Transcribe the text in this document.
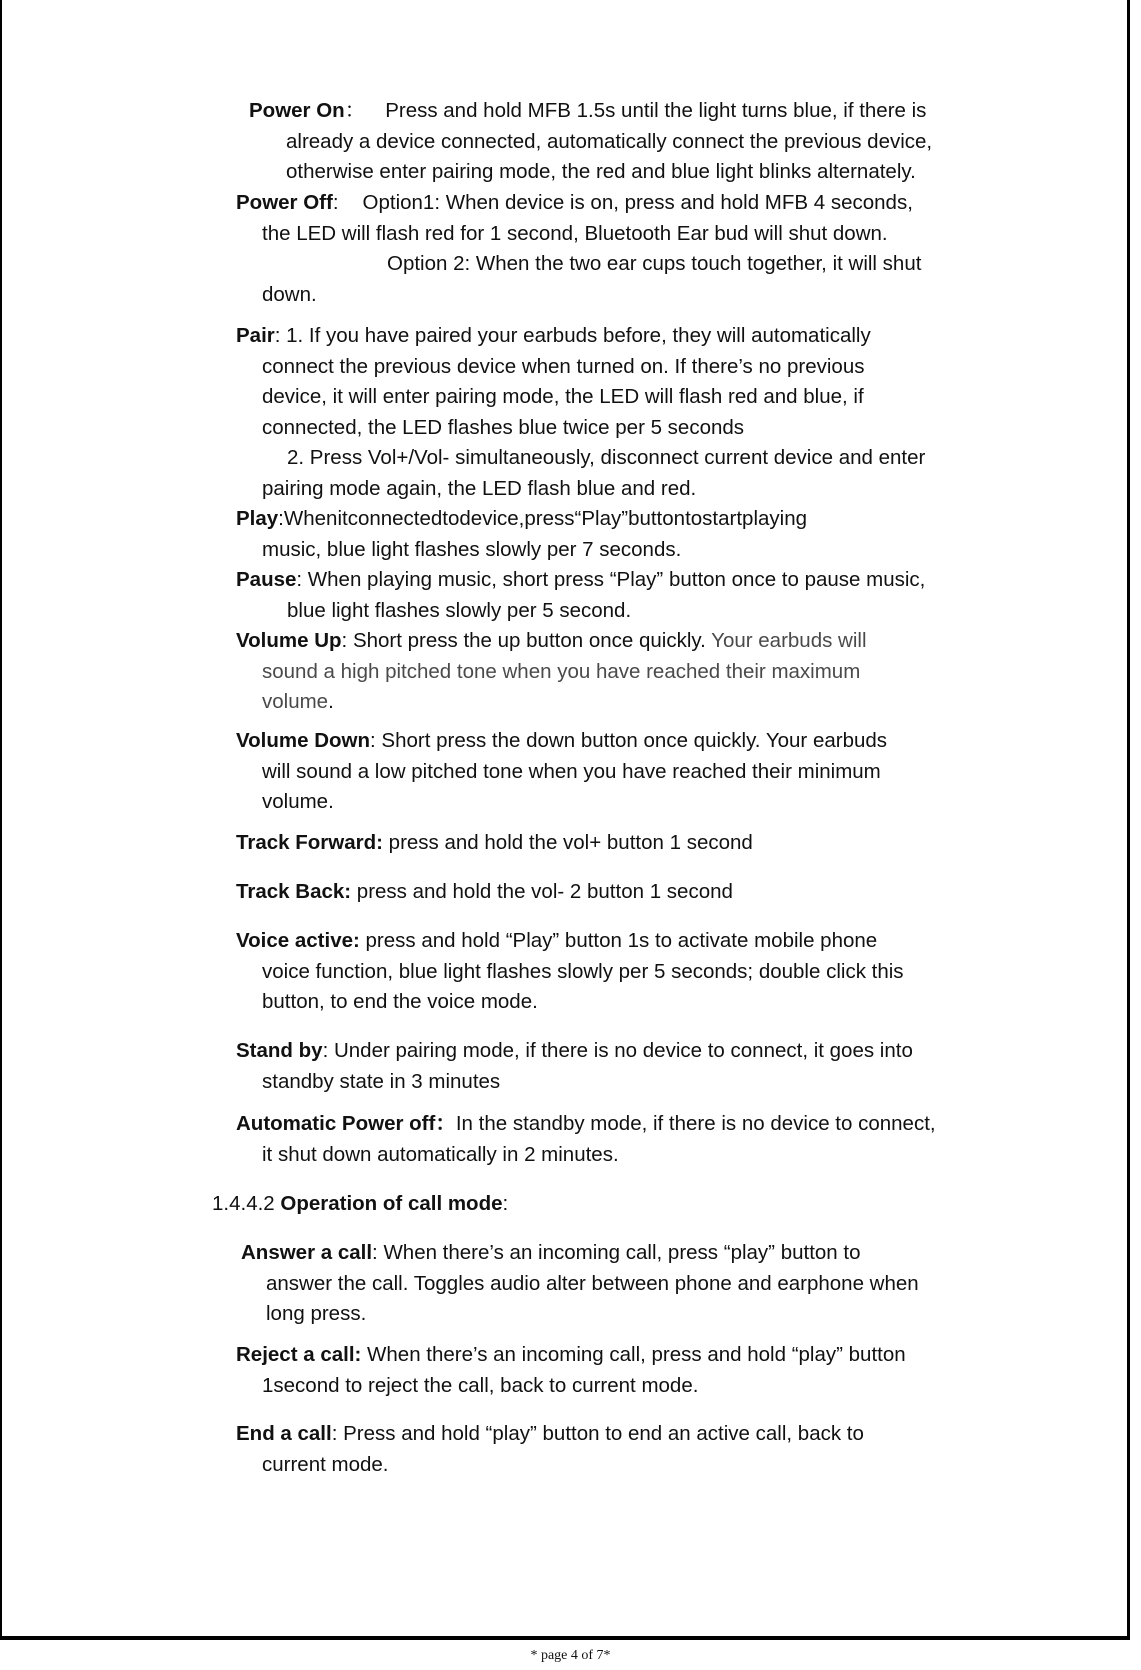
Power On： Press and hold MFB 1.5s until the light turns blue, if there is
already a device connected, automatically connect the previous device,
otherwise enter pairing mode, the red and blue light blinks alternately.
Power Off: Option1: When device is on, press and hold MFB 4 seconds,
the LED will flash red for 1 second, Bluetooth Ear bud will shut down.
Option 2: When the two ear cups touch together, it will shut
down.
Pair: 1. If you have paired your earbuds before, they will automatically
connect the previous device when turned on. If there’s no previous
device, it will enter pairing mode, the LED will flash red and blue, if
connected, the LED flashes blue twice per 5 seconds
2. Press Vol+/Vol- simultaneously, disconnect current device and enter
pairing mode again, the LED flash blue and red.
Play:Whenitconnectedtodevice,press“Play”buttontostartplaying
music, blue light flashes slowly per 7 seconds.
Pause: When playing music, short press “Play” button once to pause music,
blue light flashes slowly per 5 second.
Volume Up: Short press the up button once quickly. Your earbuds will
sound a high pitched tone when you have reached their maximum
volume.
Volume Down: Short press the down button once quickly. Your earbuds
will sound a low pitched tone when you have reached their minimum
volume.
Track Forward: press and hold the vol+ button 1 second
Track Back: press and hold the vol- 2 button 1 second
Voice active: press and hold “Play” button 1s to activate mobile phone
voice function, blue light flashes slowly per 5 seconds; double click this
button, to end the voice mode.
Stand by: Under pairing mode, if there is no device to connect, it goes into
standby state in 3 minutes
Automatic Power off：In the standby mode, if there is no device to connect,
it shut down automatically in 2 minutes.
1.4.4.2 Operation of call mode:
Answer a call: When there’s an incoming call, press “play” button to
answer the call. Toggles audio alter between phone and earphone when
long press.
Reject a call: When there’s an incoming call, press and hold “play” button
1second to reject the call, back to current mode.
End a call: Press and hold “play” button to end an active call, back to
current mode.
* page 4 of 7*
